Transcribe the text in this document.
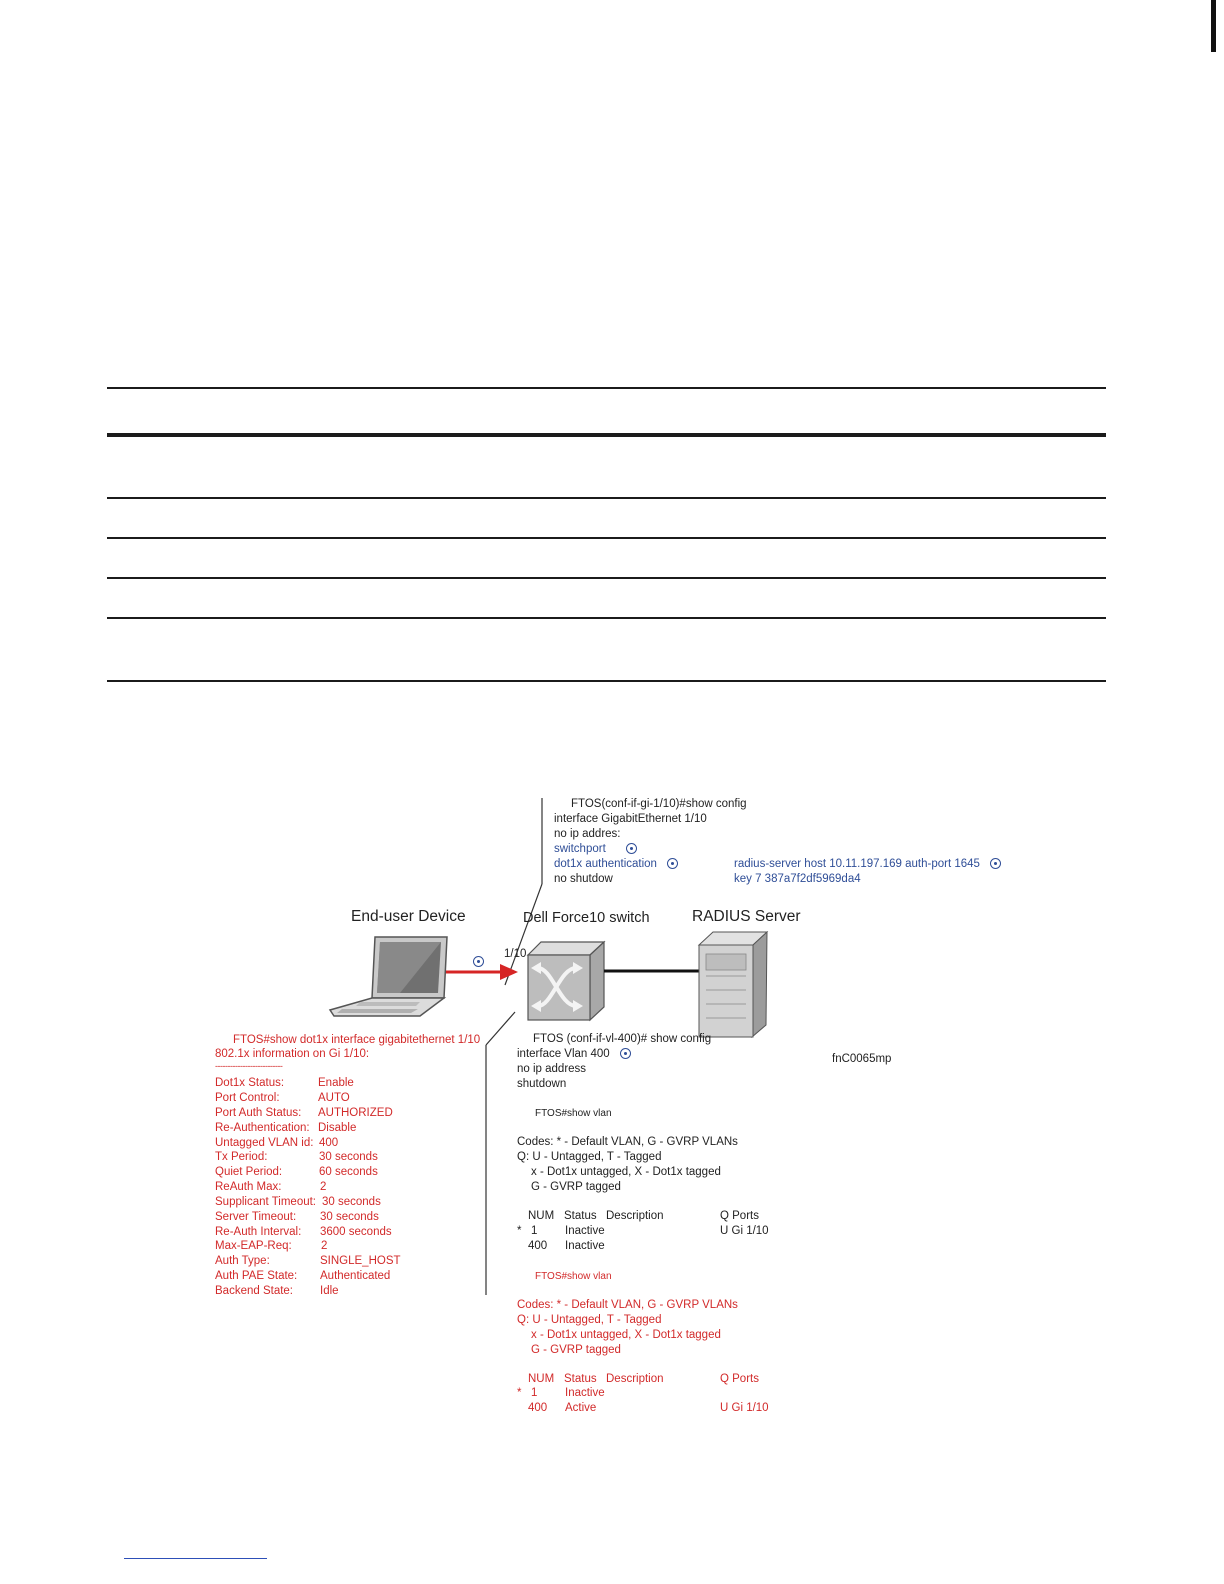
End-user Device	Dell Force10 switch	RADIUS Server
1/10
fnC0065mp
FTOS(conf-if-gi-1/10)#show config
interface GigabitEthernet 1/10
no ip addres:
switchport
dot1x authentication
no shutdow
radius-server host 10.11.197.169 auth-port 1645
key 7 387a7f2df5969da4
FTOS (conf-if-vl-400)# show config
interface Vlan 400
no ip address
shutdown
FTOS#show vlan
Codes: * - Default VLAN, G - GVRP VLANs
Q: U - Untagged, T - Tagged
x - Dot1x untagged, X - Dot1x tagged
G - GVRP tagged
NUM Status Description	Q Ports
* 1 Inactive	U Gi 1/10
400 Inactive
FTOS#show vlan
Codes: * - Default VLAN, G - GVRP VLANs
Q: U - Untagged, T - Tagged
x - Dot1x untagged, X - Dot1x tagged
G - GVRP tagged
NUM Status Description	Q Ports
* 1 Inactive
400 Active	U Gi 1/10
FTOS#show dot1x interface gigabitethernet 1/10
802.1x information on Gi 1/10:
---------------------------
Dot1x Status:	Enable
Port Control:	AUTO
Port Auth Status: AUTHORIZED
Re-Authentication: Disable
Untagged VLAN id: 400
Tx Period:	30 seconds
Quiet Period:	60 seconds
ReAuth Max:	2
Supplicant Timeout: 30 seconds
Server Timeout: 30 seconds
Re-Auth Interval: 3600 seconds
Max-EAP-Req:	2
Auth Type:	SINGLE_HOST
Auth PAE State: Authenticated
Backend State: Idle
